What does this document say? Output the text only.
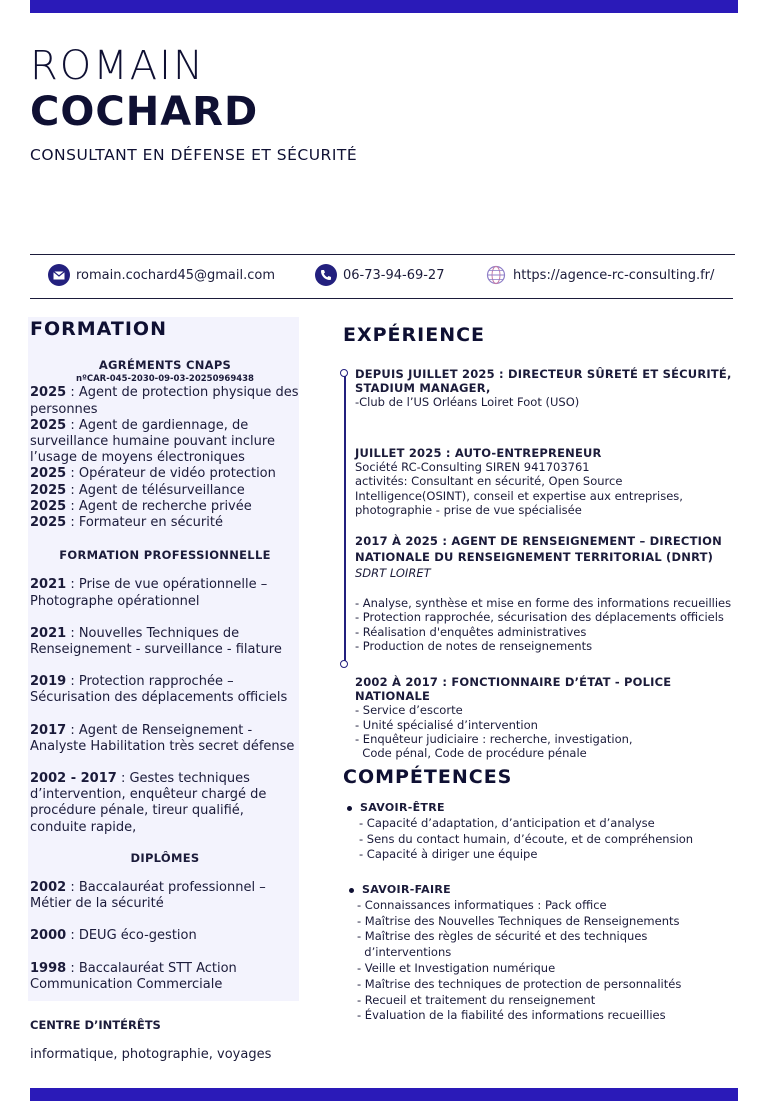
ROMAIN
COCHARD
CONSULTANT EN DÉFENSE ET SÉCURITÉ
romain.cochard45@gmail.com	06-73-94-69-27	https://agence-rc-consulting.fr/
FORMATION
AGRÉMENTS CNAPS
nºCAR-045-2030-09-03-20250969438

2025 : Agent de protection physique des personnes

2025 : Agent de gardiennage, de surveillance humaine pouvant inclure l’usage de moyens électroniques

2025 : Opérateur de vidéo protection

2025 : Agent de télésurveillance

2025 : Agent de recherche privée

2025 : Formateur en sécurité

FORMATION PROFESSIONNELLE

2021 : Prise de vue opérationnelle – Photographe opérationnel

2021 : Nouvelles Techniques de Renseignement - surveillance - filature

2019 : Protection rapprochée – Sécurisation des déplacements officiels

2017 : Agent de Renseignement - Analyste Habilitation très secret défense

2002 - 2017 : Gestes techniques d’intervention, enquêteur chargé de procédure pénale, tireur qualifié, conduite rapide,

DIPLÔMES

2002 : Baccalauréat professionnel – Métier de la sécurité

2000 : DEUG éco-gestion

1998 : Baccalauréat STT Action Communication Commerciale

CENTRE D’INTÉRÊTS
informatique, photographie, voyages
EXPÉRIENCE
DEPUIS JUILLET 2025 : DIRECTEUR SÛRETÉ ET SÉCURITÉ, STADIUM MANAGER,
-Club de l’US Orléans Loiret Foot (USO)
JUILLET 2025 : AUTO-ENTREPRENEUR
Société RC-Consulting SIREN 941703761
activités: Consultant en sécurité, Open Source Intelligence(OSINT), conseil et expertise aux entreprises, photographie - prise de vue spécialisée
2017 À 2025 : AGENT DE RENSEIGNEMENT – DIRECTION NATIONALE DU RENSEIGNEMENT TERRITORIAL (DNRT)
SDRT LOIRET
- Analyse, synthèse et mise en forme des informations recueillies
- Protection rapprochée, sécurisation des déplacements officiels
- Réalisation d'enquêtes administratives
- Production de notes de renseignements
2002 À 2017 : FONCTIONNAIRE D’ÉTAT - POLICE NATIONALE
- Service d’escorte
- Unité spécialisé d’intervention
- Enquêteur judiciaire : recherche, investigation,
Code pénal, Code de procédure pénale
COMPÉTENCES
SAVOIR-ÊTRE
- Capacité d’adaptation, d’anticipation et d’analyse
- Sens du contact humain, d’écoute, et de compréhension
- Capacité à diriger une équipe
SAVOIR-FAIRE
- Connaissances informatiques : Pack office
- Maîtrise des Nouvelles Techniques de Renseignements
- Maîtrise des règles de sécurité et des techniques
d’interventions
- Veille et Investigation numérique
- Maîtrise des techniques de protection de personnalités
- Recueil et traitement du renseignement
- Évaluation de la fiabilité des informations recueillies
